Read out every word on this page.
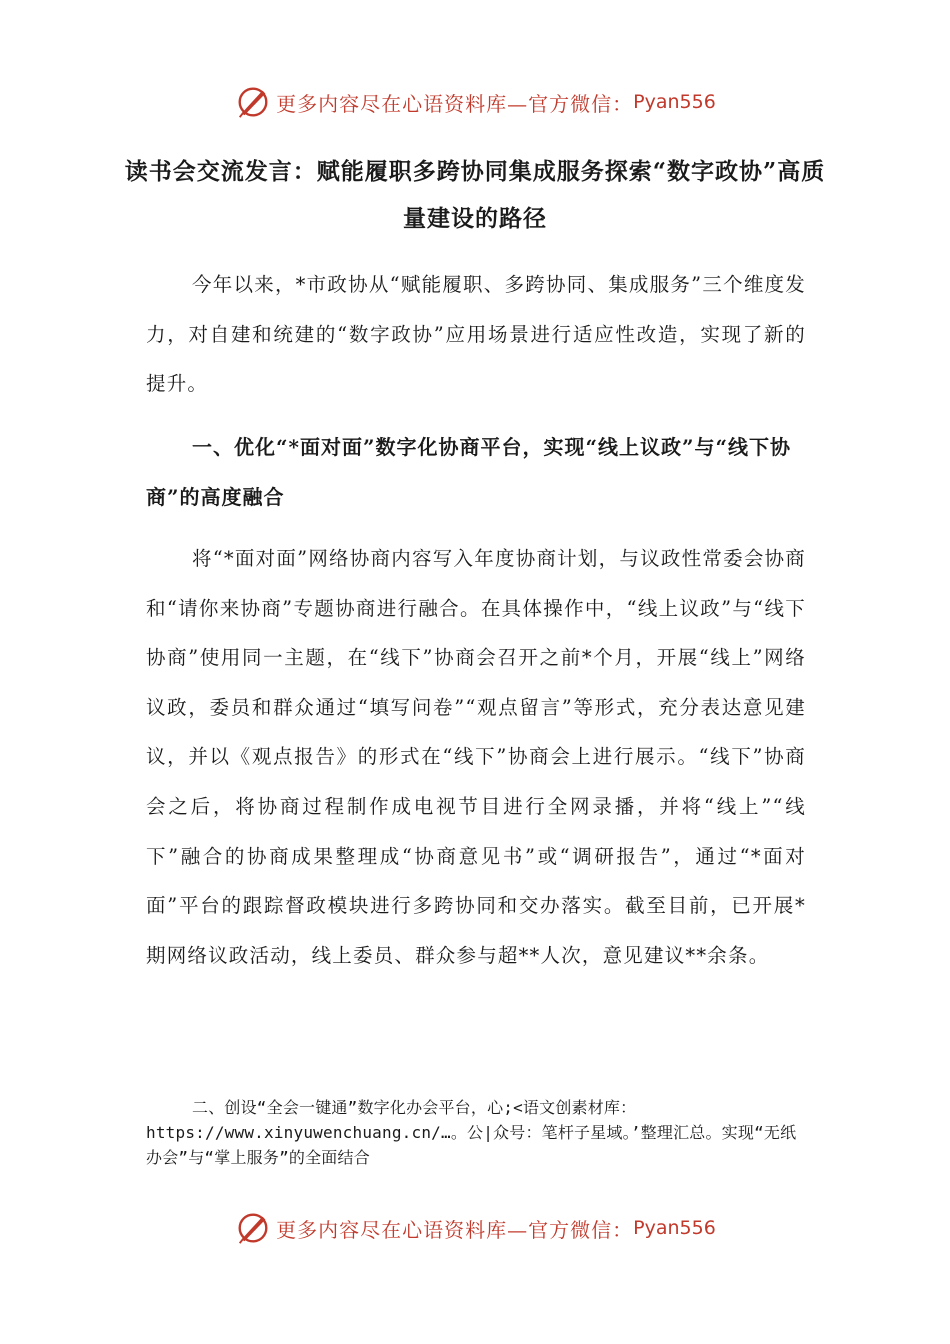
更多内容尽在心语资料库—官方微信： Pyan556
读书会交流发言：赋能履职多跨协同集成服务探索“数字政协”高质量建设的路径

今年以来，*市政协从“赋能履职、多跨协同、集成服务”三个维度发力，对自建和统建的“数字政协”应用场景进行适应性改造，实现了新的提升。

一、优化“*面对面”数字化协商平台，实现“线上议政”与“线下协商”的高度融合

将“*面对面”网络协商内容写入年度协商计划，与议政性常委会协商和“请你来协商”专题协商进行融合。在具体操作中，“线上议政”与“线下协商”使用同一主题，在“线下”协商会召开之前*个月，开展“线上”网络议政，委员和群众通过“填写问卷”“观点留言”等形式，充分表达意见建议，并以《观点报告》的形式在“线下”协商会上进行展示。“线下”协商会之后，将协商过程制作成电视节目进行全网录播，并将“线上”“线下”融合的协商成果整理成“协商意见书”或“调研报告”，通过“*面对面”平台的跟踪督政模块进行多跨协同和交办落实。截至目前，已开展*期网络议政活动，线上委员、群众参与超**人次，意见建议**余条。

二、创设“全会一键通”数字化办会平台，心;<语文创素材库：https://www.xinyuwenchuang.cn/…。公|众号：笔杆子星域。’整理汇总。实现“无纸办会”与“掌上服务”的全面结合

更多内容尽在心语资料库—官方微信： Pyan556
